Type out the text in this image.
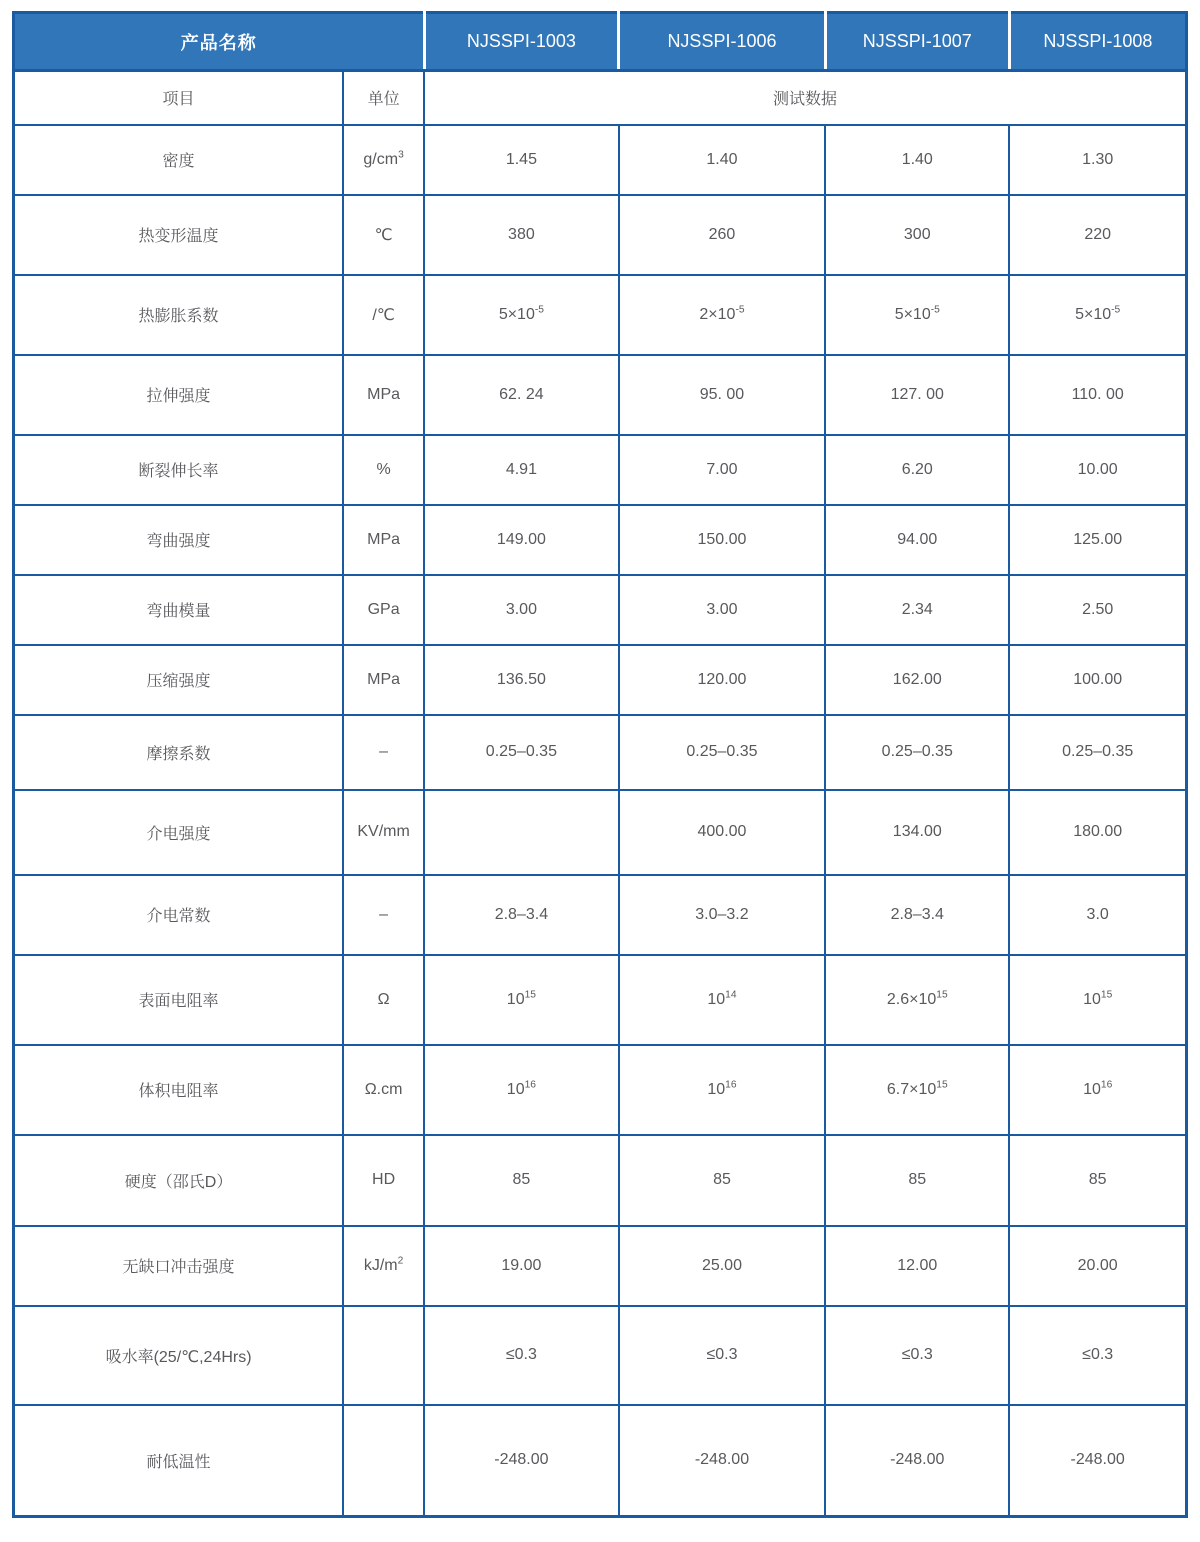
产品名称		NJSSPI-1003	NJSSPI-1006	NJSSPI-1007	NJSSPI-1008
项目	单位	测试数据			
密度	$g/cm^3$	1.45	1.40	1.40	1.30
热变形温度	℃	380	260	300	220
热膨胀系数	/℃	$5\times 10^{-5}$	$2\times 10^{-5}$	$5\times 10^{-5}$	$5\times 10^{-5}$
拉伸强度	MPa	62. 24	95. 00	127. 00	110. 00
断裂伸长率	%	4.91	7.00	6.20	10.00
弯曲强度	MPa	149.00	150.00	94.00	125.00
弯曲模量	GPa	3.00	3.00	2.34	2.50
压缩强度	MPa	136.50	120.00	162.00	100.00
摩擦系数	–	0.25–0.35	0.25–0.35	0.25–0.35	0.25–0.35
介电强度	KV/mm		400.00	134.00	180.00
介电常数	–	2.8–3.4	3.0–3.2	2.8–3.4	3.0
表面电阻率	Ω	$10^{15}$	$10^{14}$	$2.6\times 10^{15}$	$10^{15}$
体积电阻率	Ω.cm	$10^{16}$	$10^{16}$	$6.7\times 10^{15}$	$10^{16}$
硬度（邵氏D）	HD	85	85	85	85
无缺口冲击强度	$kJ/m^2$	19.00	25.00	12.00	20.00
吸水率(25/℃,24Hrs)		≤0.3	≤0.3	≤0.3	≤0.3
耐低温性		-248.00	-248.00	-248.00	-248.00
